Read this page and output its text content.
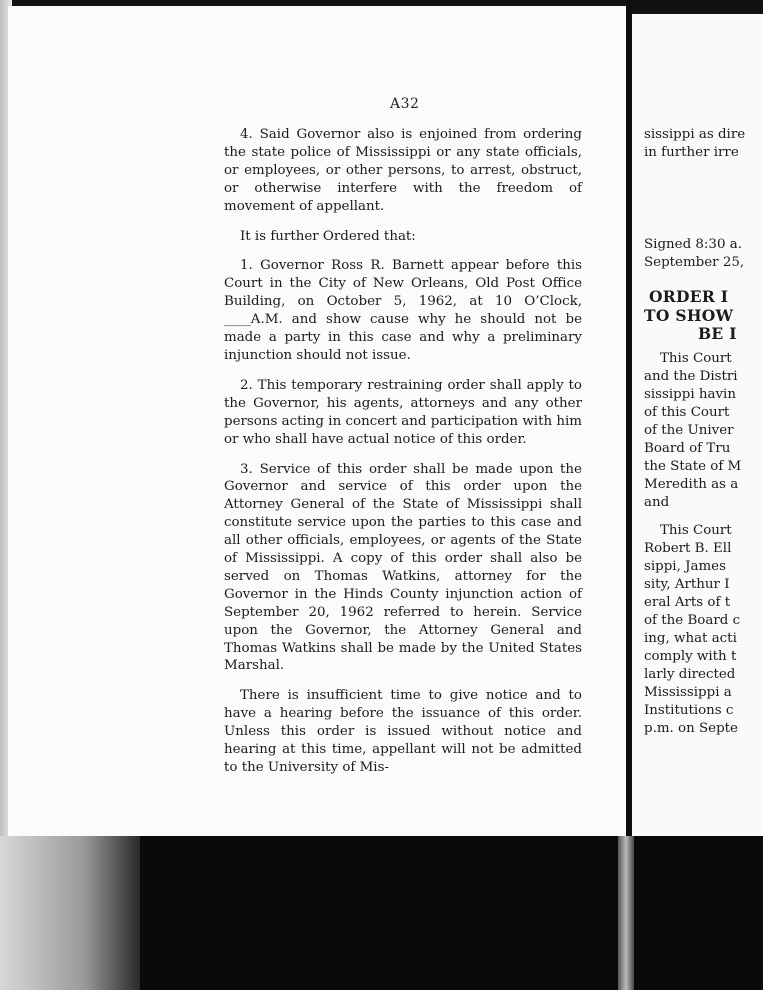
A32

4. Said Governor also is enjoined from ordering the state police of Mississippi or any state officials, or employees, or other persons, to arrest, obstruct, or otherwise interfere with the freedom of movement of appellant.

It is further Ordered that:

1. Governor Ross R. Barnett appear before this Court in the City of New Orleans, Old Post Office Building, on October 5, 1962, at 10 O’Clock, ____A.M. and show cause why he should not be made a party in this case and why a preliminary injunction should not issue.

2. This temporary restraining order shall apply to the Governor, his agents, attorneys and any other persons acting in concert and participation with him or who shall have actual notice of this order.

3. Service of this order shall be made upon the Governor and service of this order upon the Attorney General of the State of Mississippi shall constitute service upon the parties to this case and all other officials, employees, or agents of the State of Mississippi. A copy of this order shall also be served on Thomas Watkins, attorney for the Governor in the Hinds County injunction action of September 20, 1962 referred to herein. Service upon the Governor, the Attorney General and Thomas Watkins shall be made by the United States Marshal.

There is insufficient time to give notice and to have a hearing before the issuance of this order. Unless this order is issued without notice and hearing at this time, appellant will not be admitted to the University of Mis-

sissippi as dire
in further irre
Signed 8:30 a.
September 25,
ORDER I
TO SHOW
BE I
This Court
and the Distri
sissippi havin
of this Court
of the Univer
Board of Tru
the State of M
Meredith as a
and
This Court
Robert B. Ell
sippi, James
sity, Arthur I
eral Arts of t
of the Board c
ing, what acti
comply with t
larly directed
Mississippi a
Institutions c
p.m. on Septe
